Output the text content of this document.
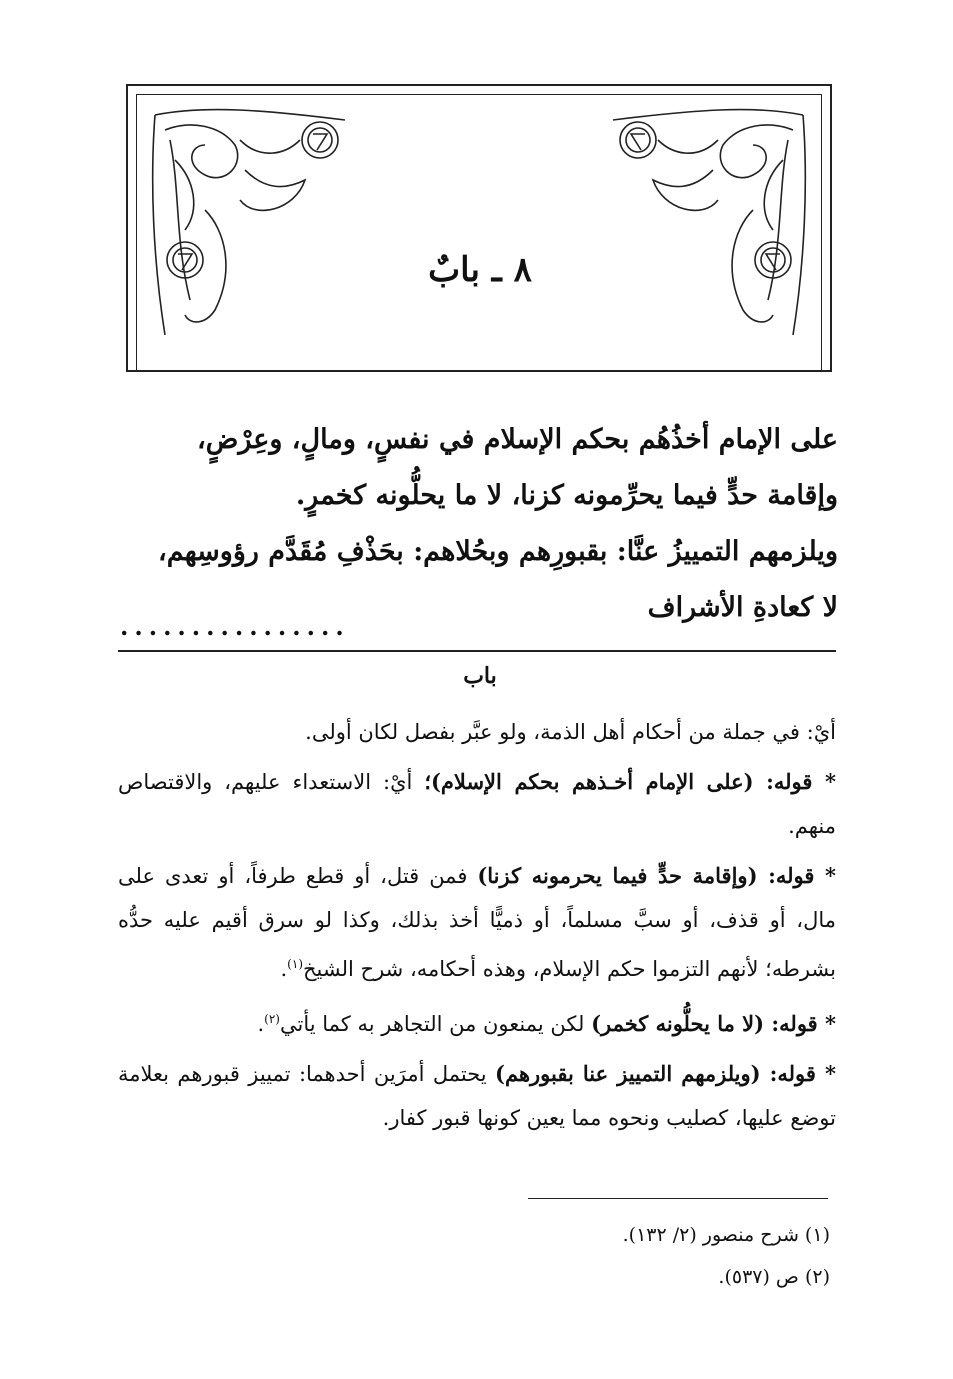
٨ ـ بابٌ

على الإمام أخذُهُم بحكم الإسلام في نفسٍ، ومالٍ، وعِرْضٍ،

وإقامة حدٍّ فيما يحرِّمونه كزنا، لا ما يحلُّونه كخمرٍ.

ويلزمهم التمييزُ عنَّا: بقبورِهم وبحُلاهم: بحَذْفِ مُقَدَّم رؤوسِهم،

لا كعادةِ الأشراف

................
باب

أيْ: في جملة من أحكام أهل الذمة، ولو عبَّر بفصل لكان أولى.

* قوله: (على الإمام أخـذهم بحكم الإسلام)؛ أيْ: الاستعداء عليهم، والاقتصاص منهم.

* قوله: (وإقامة حدٍّ فيما يحرمونه كزنا) فمن قتل، أو قطع طرفاً، أو تعدى على مال، أو قذف، أو سبَّ مسلماً، أو ذميًّا أخذ بذلك، وكذا لو سرق أقيم عليه حدُّه بشرطه؛ لأنهم التزموا حكم الإسلام، وهذه أحكامه، شرح الشيخ$^{(١)}$.

* قوله: (لا ما يحلُّونه كخمر) لكن يمنعون من التجاهر به كما يأتي$^{(٢)}$.

* قوله: (ويلزمهم التمييز عنا بقبورهم) يحتمل أمرَين أحدهما: تمييز قبورهم بعلامة توضع عليها، كصليب ونحوه مما يعين كونها قبور كفار.

(١) شرح منصور (٢/ ١٣٢).

(٢) ص (٥٣٧).
